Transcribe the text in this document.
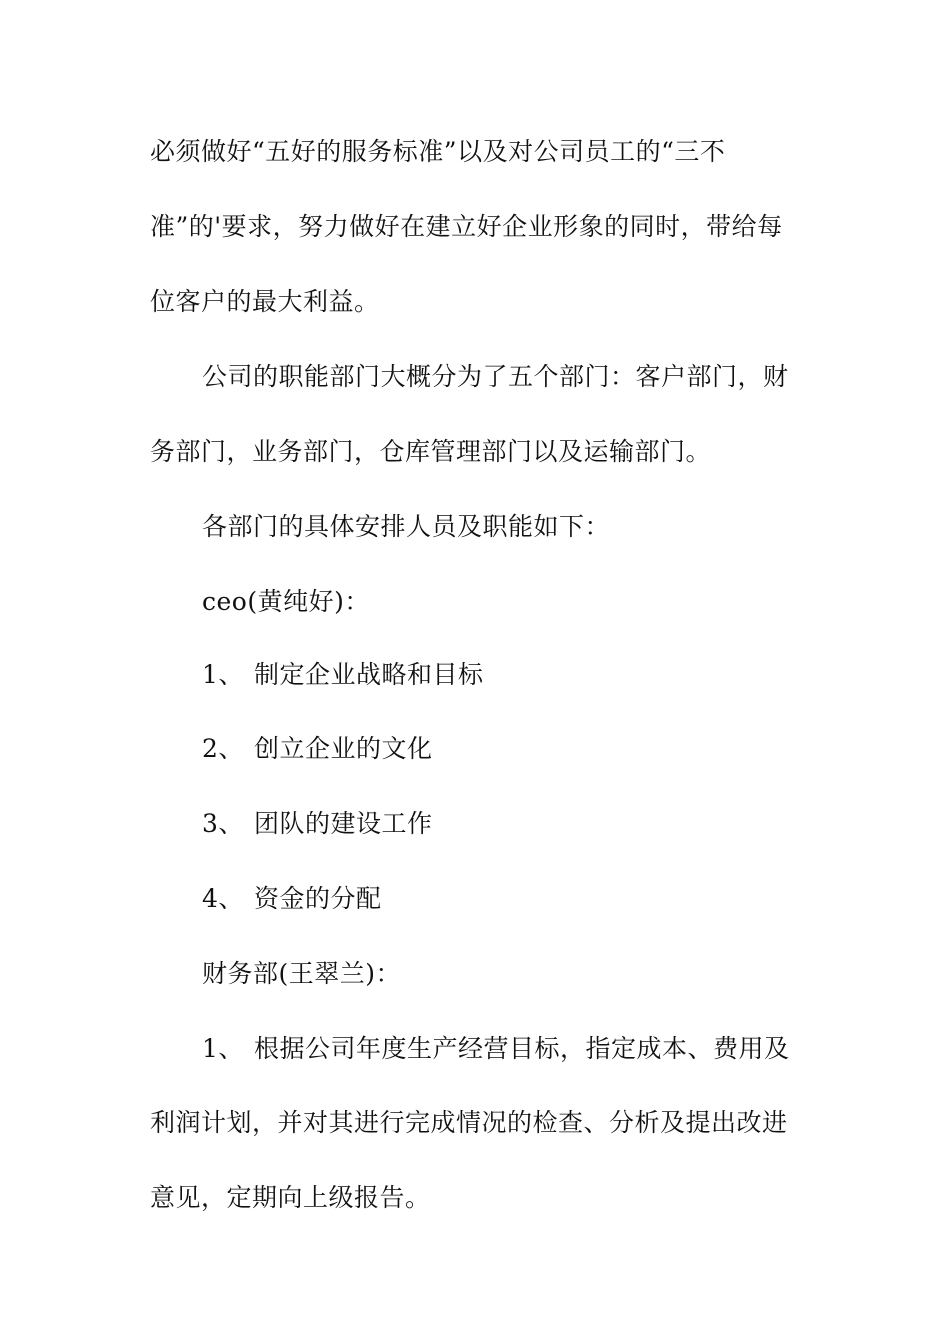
必须做好“五好的服务标准”以及对公司员工的“三不
准”的'要求，努力做好在建立好企业形象的同时，带给每
位客户的最大利益。
公司的职能部门大概分为了五个部门：客户部门，财
务部门，业务部门，仓库管理部门以及运输部门。
各部门的具体安排人员及职能如下：
ceo(黄纯好)：
1、 制定企业战略和目标
2、 创立企业的文化
3、 团队的建设工作
4、 资金的分配
财务部(王翠兰)：
1、 根据公司年度生产经营目标，指定成本、费用及
利润计划，并对其进行完成情况的检查、分析及提出改进
意见，定期向上级报告。
